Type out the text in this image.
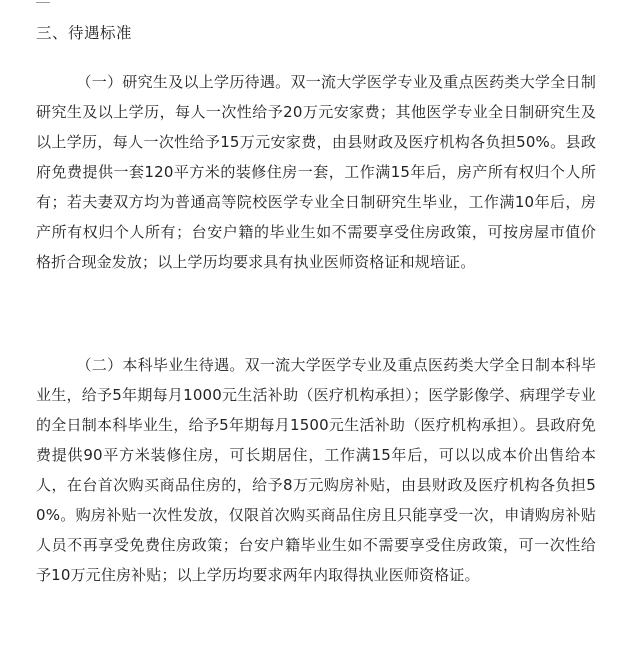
三、待遇标准

（一）研究生及以上学历待遇。双一流大学医学专业及重点医药类大学全日制研究生及以上学历，每人一次性给予20万元安家费；其他医学专业全日制研究生及以上学历，每人一次性给予15万元安家费，由县财政及医疗机构各负担50%。县政府免费提供一套120平方米的装修住房一套，工作满15年后，房产所有权归个人所有；若夫妻双方均为普通高等院校医学专业全日制研究生毕业，工作满10年后，房产所有权归个人所有；台安户籍的毕业生如不需要享受住房政策，可按房屋市值价格折合现金发放；以上学历均要求具有执业医师资格证和规培证。

（二）本科毕业生待遇。双一流大学医学专业及重点医药类大学全日制本科毕业生，给予5年期每月1000元生活补助（医疗机构承担）；医学影像学、病理学专业的全日制本科毕业生，给予5年期每月1500元生活补助（医疗机构承担）。县政府免费提供90平方米装修住房，可长期居住，工作满15年后，可以以成本价出售给本人，在台首次购买商品住房的，给予8万元购房补贴，由县财政及医疗机构各负担50%。购房补贴一次性发放，仅限首次购买商品住房且只能享受一次，申请购房补贴人员不再享受免费住房政策；台安户籍毕业生如不需要享受住房政策，可一次性给予10万元住房补贴；以上学历均要求两年内取得执业医师资格证。
